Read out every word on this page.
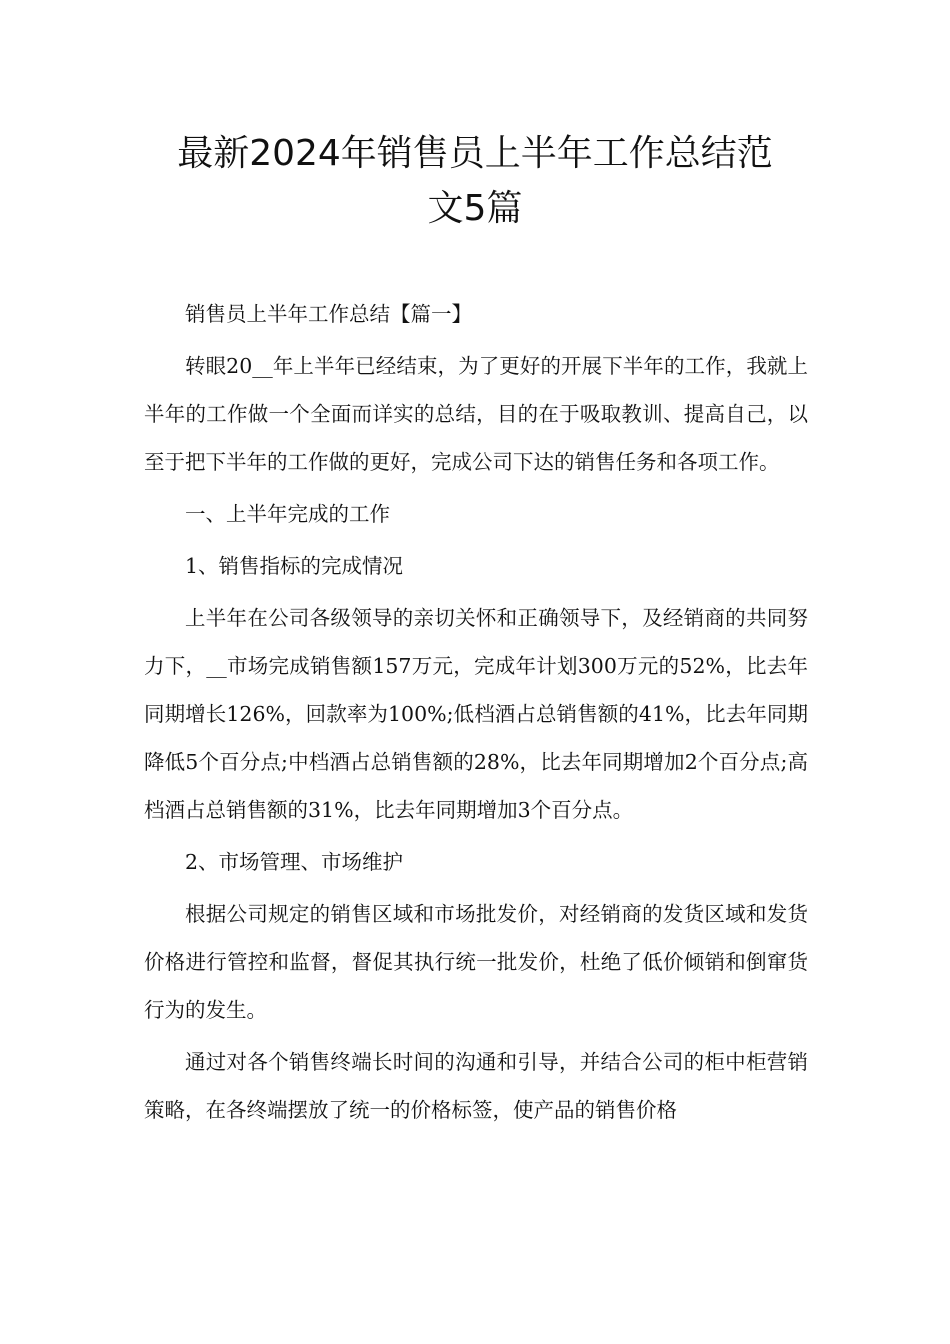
最新2024年销售员上半年工作总结范
文5篇

销售员上半年工作总结【篇一】

转眼20__年上半年已经结束，为了更好的开展下半年的工作，我就上半年的工作做一个全面而详实的总结，目的在于吸取教训、提高自己，以至于把下半年的工作做的更好，完成公司下达的销售任务和各项工作。

一、上半年完成的工作

1、销售指标的完成情况

上半年在公司各级领导的亲切关怀和正确领导下，及经销商的共同努力下，__市场完成销售额157万元，完成年计划300万元的52%，比去年同期增长126%，回款率为100%;低档酒占总销售额的41%，比去年同期降低5个百分点;中档酒占总销售额的28%，比去年同期增加2个百分点;高档酒占总销售额的31%，比去年同期增加3个百分点。

2、市场管理、市场维护

根据公司规定的销售区域和市场批发价，对经销商的发货区域和发货价格进行管控和监督，督促其执行统一批发价，杜绝了低价倾销和倒窜货行为的发生。

通过对各个销售终端长时间的沟通和引导，并结合公司的柜中柜营销策略，在各终端摆放了统一的价格标签，使产品的销售价格
